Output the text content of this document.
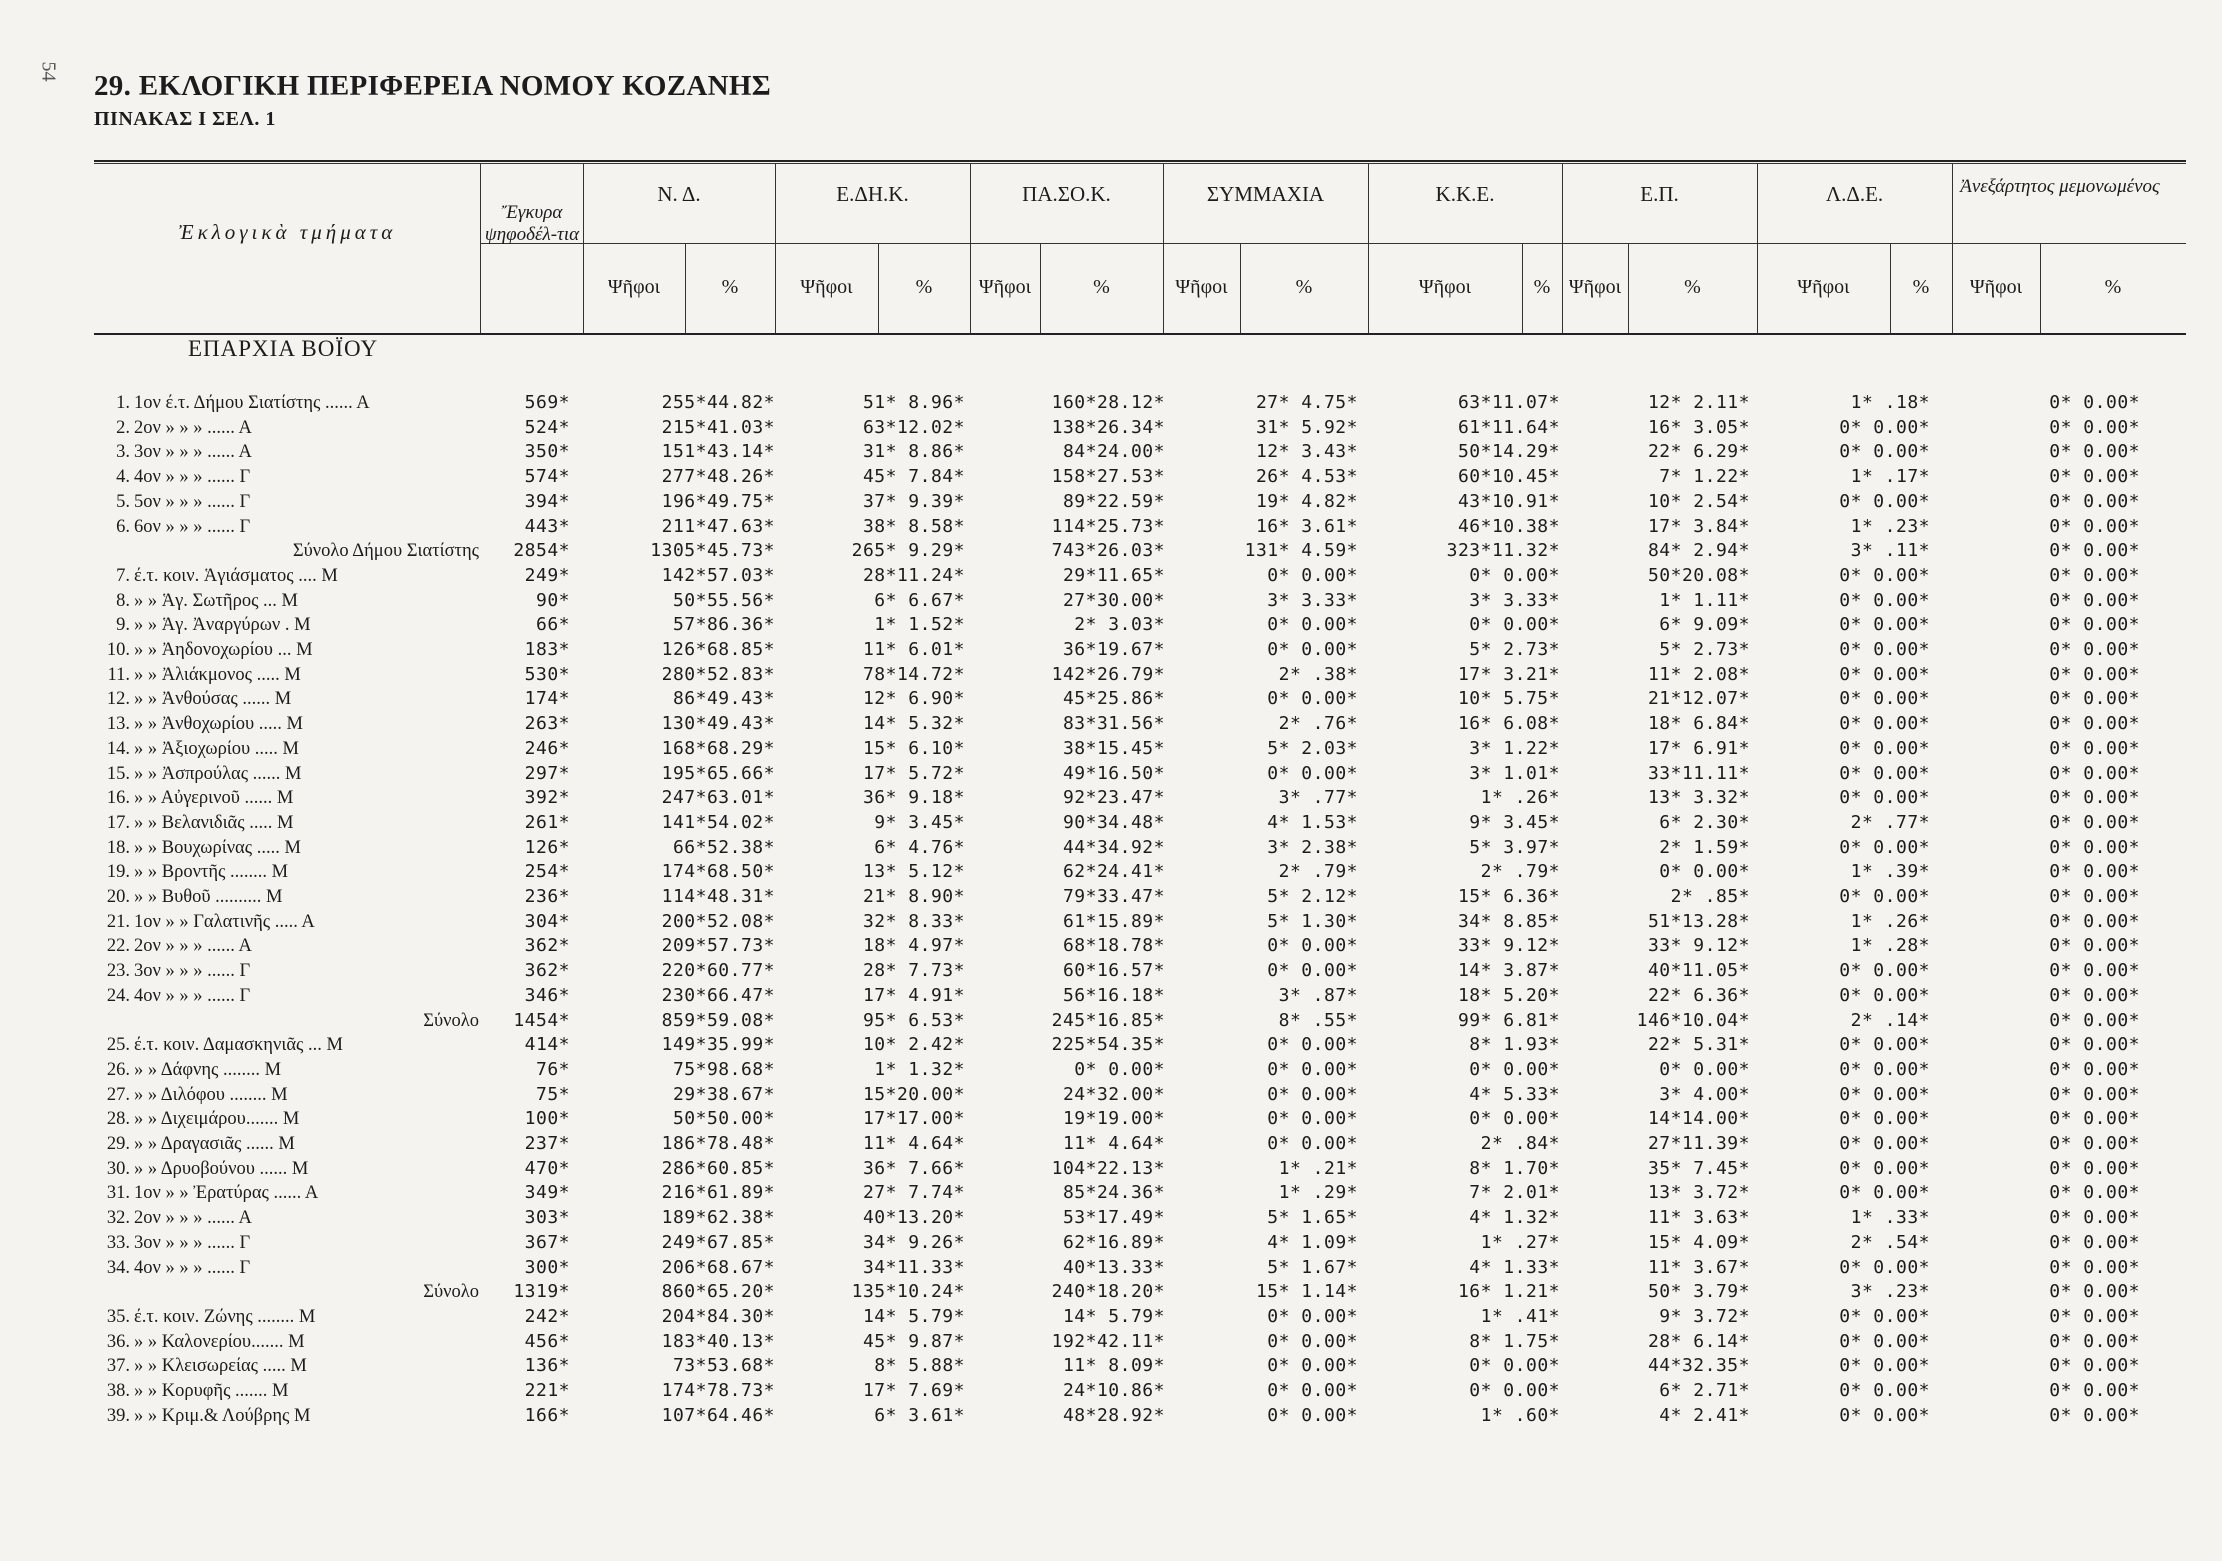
54 29. ΕΚΛΟΓΙΚΗ ΠΕΡΙΦΕΡΕΙΑ ΝΟΜΟΥ ΚΟΖΑΝΗΣ
ΠΙΝΑΚΑΣ Ι ΣΕΛ. 1
Ἐκλογικὰ τμήματα
Ἔγκυρα ψηφοδέλ-τια
Ν. Δ.	Ε.ΔΗ.Κ.	ΠΑ.ΣΟ.Κ.	ΣΥΜΜΑΧΙΑ	Κ.Κ.Ε.	Ε.Π.	Λ.Δ.Ε.	Ἀνεξάρτητος μεμονωμένος
Ψῆφοι	%	Ψῆφοι	%	Ψῆφοι	%	Ψῆφοι	%	Ψῆφοι	% Ψῆφοι	%	Ψῆφοι	%	Ψῆφοι	%
ΕΠΑΡΧΙΑ ΒΟΪΟΥ
1. 1ον έ.τ. Δήμου Σιατίστης ...... Α	569*	255*44.82*	51* 8.96*	160*28.12*	27* 4.75*	63*11.07*	12* 2.11*	1* .18*	0* 0.00*
2. 2ον » » » ...... Α	524*	215*41.03*	63*12.02*	138*26.34*	31* 5.92*	61*11.64*	16* 3.05*	0* 0.00*	0* 0.00*
3. 3ον » » » ...... Α	350*	151*43.14*	31* 8.86*	84*24.00*	12* 3.43*	50*14.29*	22* 6.29*	0* 0.00*	0* 0.00*
4. 4ον » » » ...... Γ	574*	277*48.26*	45* 7.84*	158*27.53*	26* 4.53*	60*10.45*	7* 1.22*	1* .17*	0* 0.00*
5. 5ον » » » ...... Γ	394*	196*49.75*	37* 9.39*	89*22.59*	19* 4.82*	43*10.91*	10* 2.54*	0* 0.00*	0* 0.00*
6. 6ον » » » ...... Γ	443*	211*47.63*	38* 8.58*	114*25.73*	16* 3.61*	46*10.38*	17* 3.84*	1* .23*	0* 0.00*
Σύνολο Δήμου Σιατίστης	2854*	1305*45.73*	265* 9.29*	743*26.03*	131* 4.59*	323*11.32*	84* 2.94*	3* .11*	0* 0.00*
7. έ.τ. κοιν. Ἁγιάσματος .... Μ	249*	142*57.03*	28*11.24*	29*11.65*	0* 0.00*	0* 0.00*	50*20.08*	0* 0.00*	0* 0.00*
8. » » Ἁγ. Σωτῆρος ... Μ	90*	50*55.56*	6* 6.67*	27*30.00*	3* 3.33*	3* 3.33*	1* 1.11*	0* 0.00*	0* 0.00*
9. » » Ἁγ. Ἀναργύρων . Μ	66*	57*86.36*	1* 1.52*	2* 3.03*	0* 0.00*	0* 0.00*	6* 9.09*	0* 0.00*	0* 0.00*
10. » » Ἀηδονοχωρίου ... Μ	183*	126*68.85*	11* 6.01*	36*19.67*	0* 0.00*	5* 2.73*	5* 2.73*	0* 0.00*	0* 0.00*
11. » » Ἀλιάκμονος ..... Μ	530*	280*52.83*	78*14.72*	142*26.79*	2* .38*	17* 3.21*	11* 2.08*	0* 0.00*	0* 0.00*
12. » » Ἀνθούσας ...... Μ	174*	86*49.43*	12* 6.90*	45*25.86*	0* 0.00*	10* 5.75*	21*12.07*	0* 0.00*	0* 0.00*
13. » » Ἀνθοχωρίου ..... Μ	263*	130*49.43*	14* 5.32*	83*31.56*	2* .76*	16* 6.08*	18* 6.84*	0* 0.00*	0* 0.00*
14. » » Ἀξιοχωρίου ..... Μ	246*	168*68.29*	15* 6.10*	38*15.45*	5* 2.03*	3* 1.22*	17* 6.91*	0* 0.00*	0* 0.00*
15. » » Ἀσπρούλας ...... Μ	297*	195*65.66*	17* 5.72*	49*16.50*	0* 0.00*	3* 1.01*	33*11.11*	0* 0.00*	0* 0.00*
16. » » Αὐγερινοῦ ...... Μ	392*	247*63.01*	36* 9.18*	92*23.47*	3* .77*	1* .26*	13* 3.32*	0* 0.00*	0* 0.00*
17. » » Βελανιδιᾶς ..... Μ	261*	141*54.02*	9* 3.45*	90*34.48*	4* 1.53*	9* 3.45*	6* 2.30*	2* .77*	0* 0.00*
18. » » Βουχωρίνας ..... Μ	126*	66*52.38*	6* 4.76*	44*34.92*	3* 2.38*	5* 3.97*	2* 1.59*	0* 0.00*	0* 0.00*
19. » » Βροντῆς ........ Μ	254*	174*68.50*	13* 5.12*	62*24.41*	2* .79*	2* .79*	0* 0.00*	1* .39*	0* 0.00*
20. » » Βυθοῦ .......... Μ	236*	114*48.31*	21* 8.90*	79*33.47*	5* 2.12*	15* 6.36*	2* .85*	0* 0.00*	0* 0.00*
21. 1ον » » Γαλατινῆς ..... Α	304*	200*52.08*	32* 8.33*	61*15.89*	5* 1.30*	34* 8.85*	51*13.28*	1* .26*	0* 0.00*
22. 2ον » » » ...... Α	362*	209*57.73*	18* 4.97*	68*18.78*	0* 0.00*	33* 9.12*	33* 9.12*	1* .28*	0* 0.00*
23. 3ον » » » ...... Γ	362*	220*60.77*	28* 7.73*	60*16.57*	0* 0.00*	14* 3.87*	40*11.05*	0* 0.00*	0* 0.00*
24. 4ον » » » ...... Γ	346*	230*66.47*	17* 4.91*	56*16.18*	3* .87*	18* 5.20*	22* 6.36*	0* 0.00*	0* 0.00*
Σύνολο	1454*	859*59.08*	95* 6.53*	245*16.85*	8* .55*	99* 6.81*	146*10.04*	2* .14*	0* 0.00*
25. έ.τ. κοιν. Δαμασκηνιᾶς ... Μ	414*	149*35.99*	10* 2.42*	225*54.35*	0* 0.00*	8* 1.93*	22* 5.31*	0* 0.00*	0* 0.00*
26. » » Δάφνης ........ Μ	76*	75*98.68*	1* 1.32*	0* 0.00*	0* 0.00*	0* 0.00*	0* 0.00*	0* 0.00*	0* 0.00*
27. » » Διλόφου ........ Μ	75*	29*38.67*	15*20.00*	24*32.00*	0* 0.00*	4* 5.33*	3* 4.00*	0* 0.00*	0* 0.00*
28. » » Διχειμάρου....... Μ	100*	50*50.00*	17*17.00*	19*19.00*	0* 0.00*	0* 0.00*	14*14.00*	0* 0.00*	0* 0.00*
29. » » Δραγασιᾶς ...... Μ	237*	186*78.48*	11* 4.64*	11* 4.64*	0* 0.00*	2* .84*	27*11.39*	0* 0.00*	0* 0.00*
30. » » Δρυοβούνου ...... Μ	470*	286*60.85*	36* 7.66*	104*22.13*	1* .21*	8* 1.70*	35* 7.45*	0* 0.00*	0* 0.00*
31. 1ον » » Ἐρατύρας ...... Α	349*	216*61.89*	27* 7.74*	85*24.36*	1* .29*	7* 2.01*	13* 3.72*	0* 0.00*	0* 0.00*
32. 2ον » » » ...... Α	303*	189*62.38*	40*13.20*	53*17.49*	5* 1.65*	4* 1.32*	11* 3.63*	1* .33*	0* 0.00*
33. 3ον » » » ...... Γ	367*	249*67.85*	34* 9.26*	62*16.89*	4* 1.09*	1* .27*	15* 4.09*	2* .54*	0* 0.00*
34. 4ον » » » ...... Γ	300*	206*68.67*	34*11.33*	40*13.33*	5* 1.67*	4* 1.33*	11* 3.67*	0* 0.00*	0* 0.00*
Σύνολο	1319*	860*65.20*	135*10.24*	240*18.20*	15* 1.14*	16* 1.21*	50* 3.79*	3* .23*	0* 0.00*
35. έ.τ. κοιν. Ζώνης ........ Μ	242*	204*84.30*	14* 5.79*	14* 5.79*	0* 0.00*	1* .41*	9* 3.72*	0* 0.00*	0* 0.00*
36. » » Καλονερίου....... Μ	456*	183*40.13*	45* 9.87*	192*42.11*	0* 0.00*	8* 1.75*	28* 6.14*	0* 0.00*	0* 0.00*
37. » » Κλεισωρείας ..... Μ	136*	73*53.68*	8* 5.88*	11* 8.09*	0* 0.00*	0* 0.00*	44*32.35*	0* 0.00*	0* 0.00*
38. » » Κορυφῆς ....... Μ	221*	174*78.73*	17* 7.69*	24*10.86*	0* 0.00*	0* 0.00*	6* 2.71*	0* 0.00*	0* 0.00*
39. » » Κριμ.& Λούβρης Μ	166*	107*64.46*	6* 3.61*	48*28.92*	0* 0.00*	1* .60*	4* 2.41*	0* 0.00*	0* 0.00*
